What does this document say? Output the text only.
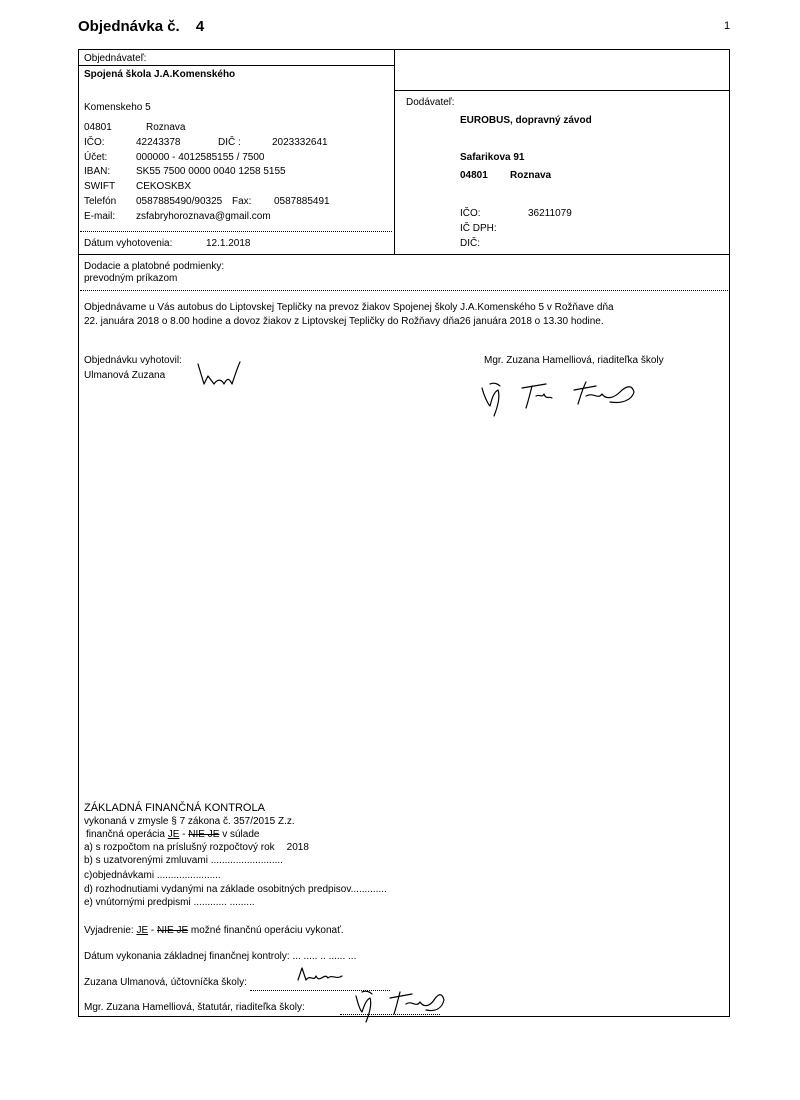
Objednávka č. 4	1
Objednávateľ:
Spojená škola J.A.Komenského
Komenskeho 5
04801	Roznava
IČO:	42243378	DIČ :	2023332641
Účet:	000000 - 4012585155 / 7500
IBAN:	SK55 7500 0000 0040 1258 5155
SWIFT CEKOSKBX
Telefón 0587885490/90325 Fax: 0587885491
E-mail: zsfabryhoroznava@gmail.com
Dátum vyhotovenia:	12.1.2018
Dodávateľ:
EUROBUS, dopravný závod
Safarikova 91
04801 Roznava
IČO:	36211079
IČ DPH:
DIČ:
Dodacie a platobné podmienky:
prevodným príkazom
Objednávame u Vás autobus do Liptovskej Tepličky na prevoz žiakov Spojenej školy J.A.Komenského 5 v Rožňave dňa
22. januára 2018 o 8.00 hodine a dovoz žiakov z Liptovskej Tepličky do Rožňavy dňa26 januára 2018 o 13.30 hodine.
Objednávku vyhotovil:
Ulmanová Zuzana
Mgr. Zuzana Hamelliová, riaditeľka školy
ZÁKLADNÁ FINANČNÁ KONTROLA
vykonaná v zmysle § 7 zákona č. 357/2015 Z.z.
finančná operácia JE - NIE JE v súlade
a) s rozpočtom na príslušný rozpočtový rok 2018
b) s uzatvorenými zmluvami ..........................
c)objednávkami .......................
d) rozhodnutiami vydanými na základe osobitných predpisov.............
e) vnútornými predpismi ............ .........
Vyjadrenie: JE - NIE JE možné finančnú operáciu vykonať.
Dátum vykonania základnej finančnej kontroly: ... ..... .. ...... ...
Zuzana Ulmanová, účtovníčka školy:
Mgr. Zuzana Hamelliová, štatutár, riaditeľka školy:
